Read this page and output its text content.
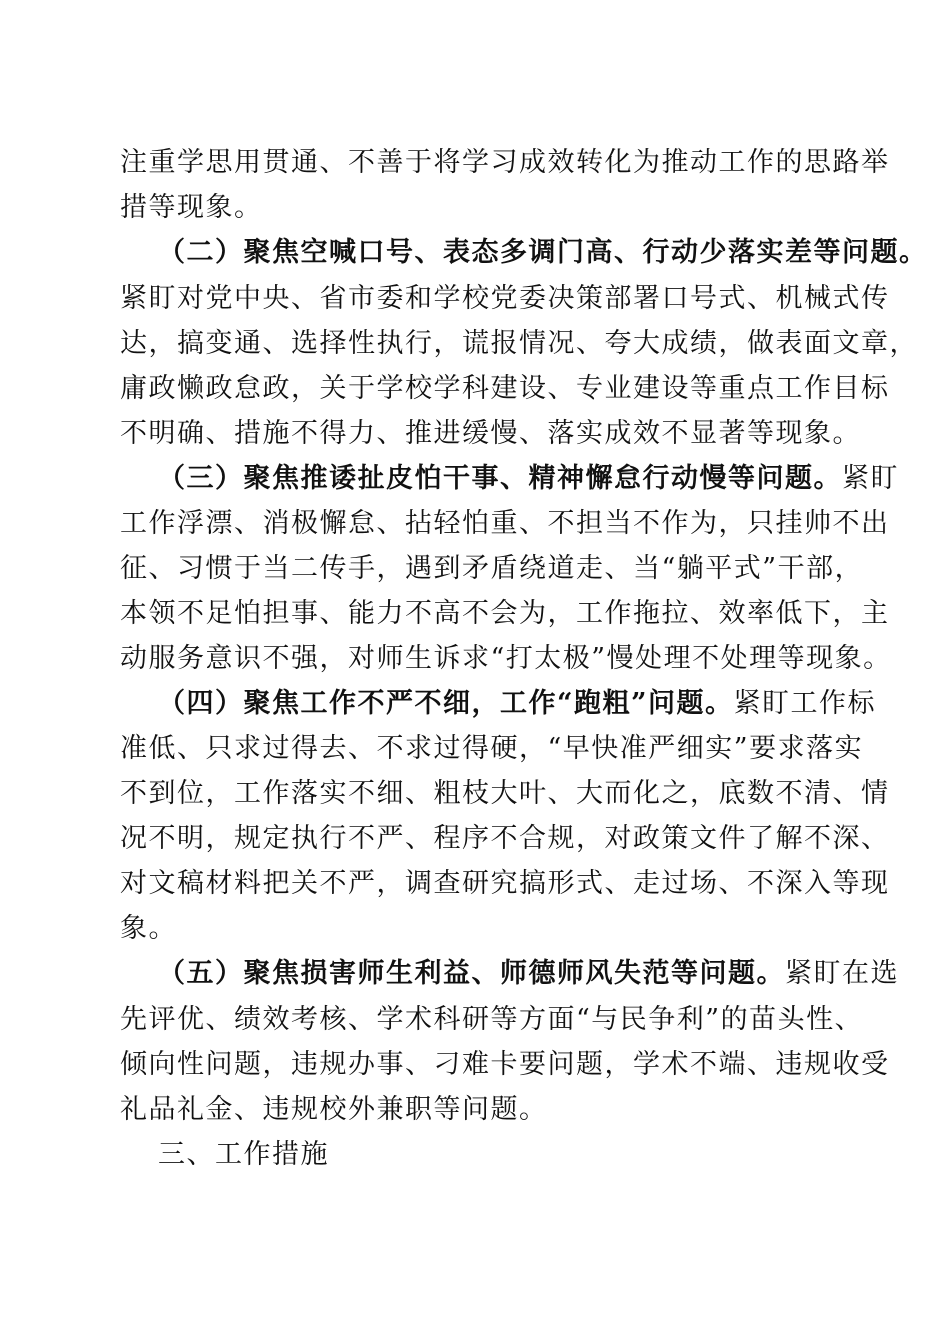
注重学思用贯通、不善于将学习成效转化为推动工作的思路举
措等现象。
（二）聚焦空喊口号、表态多调门高、行动少落实差等问题。
紧盯对党中央、省市委和学校党委决策部署口号式、机械式传
达，搞变通、选择性执行，谎报情况、夸大成绩，做表面文章，
庸政懒政怠政，关于学校学科建设、专业建设等重点工作目标
不明确、措施不得力、推进缓慢、落实成效不显著等现象。
（三）聚焦推诿扯皮怕干事、精神懈怠行动慢等问题。紧盯
工作浮漂、消极懈怠、拈轻怕重、不担当不作为，只挂帅不出
征、习惯于当二传手，遇到矛盾绕道走、当“躺平式”干部，
本领不足怕担事、能力不高不会为，工作拖拉、效率低下，主
动服务意识不强，对师生诉求“打太极”慢处理不处理等现象。
（四）聚焦工作不严不细，工作“跑粗”问题。紧盯工作标
准低、只求过得去、不求过得硬，“早快准严细实”要求落实
不到位，工作落实不细、粗枝大叶、大而化之，底数不清、情
况不明，规定执行不严、程序不合规，对政策文件了解不深、
对文稿材料把关不严，调查研究搞形式、走过场、不深入等现
象。
（五）聚焦损害师生利益、师德师风失范等问题。紧盯在选
先评优、绩效考核、学术科研等方面“与民争利”的苗头性、
倾向性问题，违规办事、刁难卡要问题，学术不端、违规收受
礼品礼金、违规校外兼职等问题。
三、工作措施
